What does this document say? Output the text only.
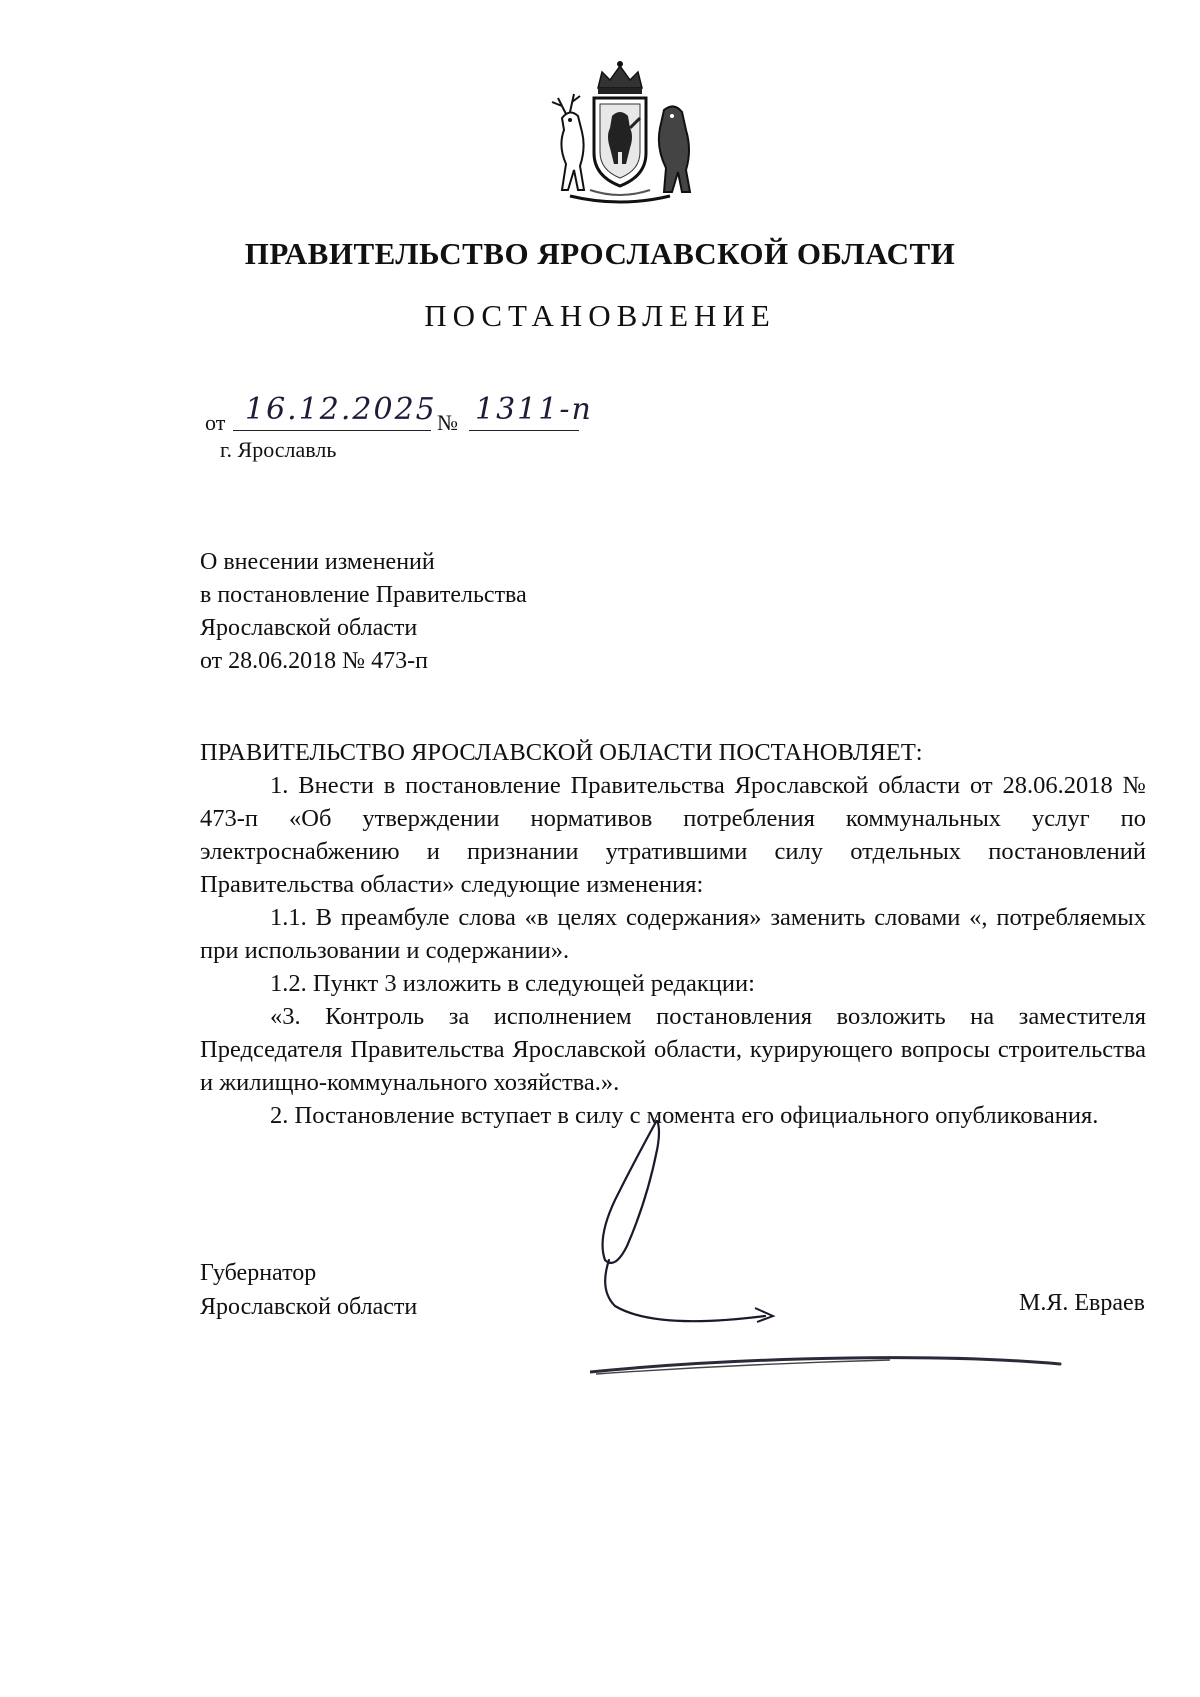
ПРАВИТЕЛЬСТВО ЯРОСЛАВСКОЙ ОБЛАСТИ
ПОСТАНОВЛЕНИЕ
от 16.12.2025 № 1311-п
г. Ярославль
О внесении изменений
в постановление Правительства
Ярославской области
от 28.06.2018 № 473-п

ПРАВИТЕЛЬСТВО ЯРОСЛАВСКОЙ ОБЛАСТИ ПОСТАНОВЛЯЕТ:

1. Внести в постановление Правительства Ярославской области от 28.06.2018 № 473-п «Об утверждении нормативов потребления коммунальных услуг по электроснабжению и признании утратившими силу отдельных постановлений Правительства области» следующие изменения:

1.1. В преамбуле слова «в целях содержания» заменить словами «, потребляемых при использовании и содержании».

1.2. Пункт 3 изложить в следующей редакции:

«3. Контроль за исполнением постановления возложить на заместителя Председателя Правительства Ярославской области, курирующего вопросы строительства и жилищно-коммунального хозяйства.».

2. Постановление вступает в силу с момента его официального опубликования.

Губернатор
Ярославской области	М.Я. Евраев
